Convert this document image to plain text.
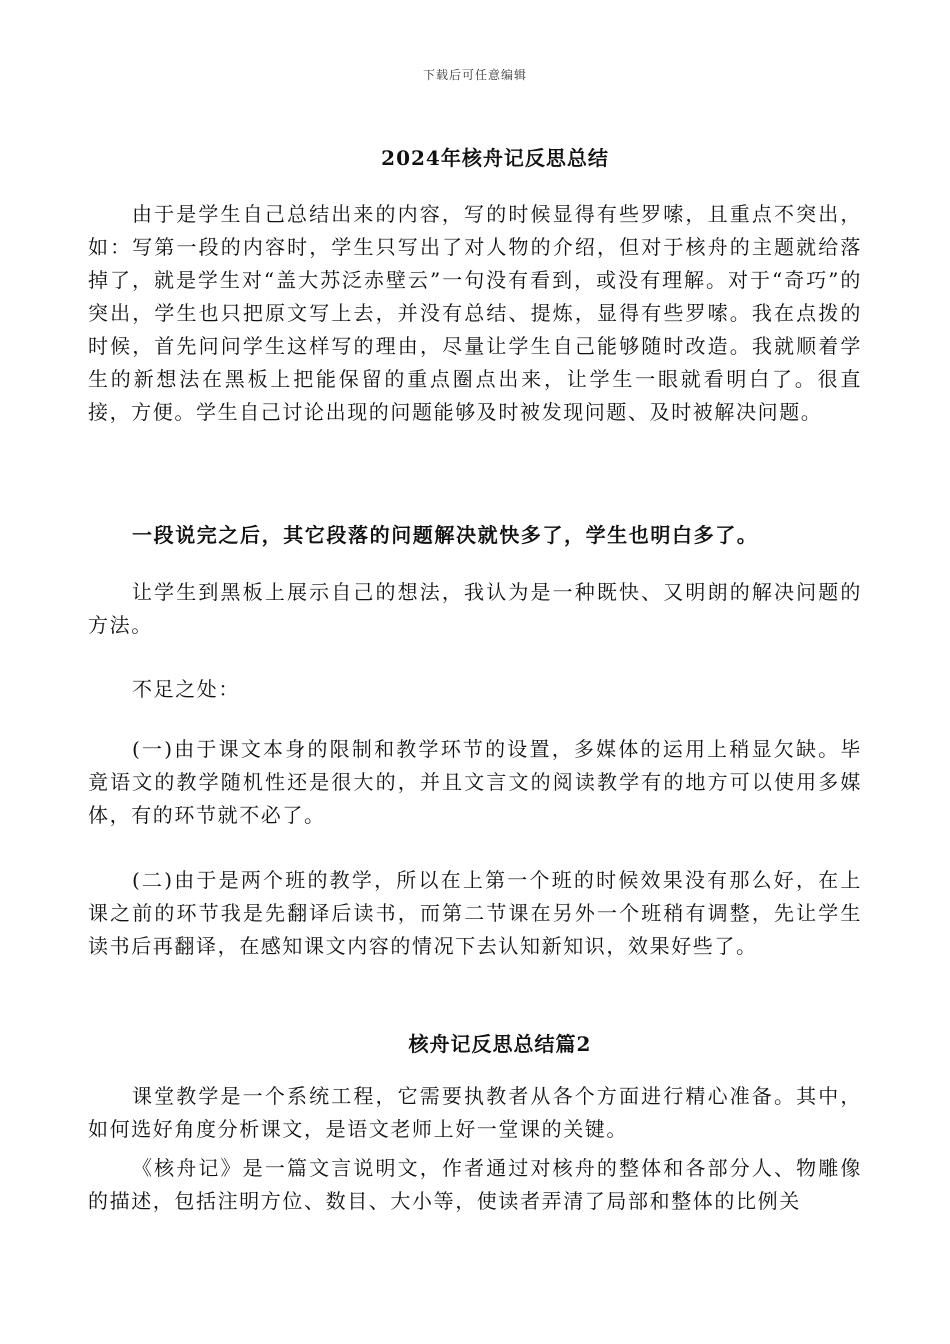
下载后可任意编辑
2024年核舟记反思总结
由于是学生自己总结出来的内容，写的时候显得有些罗嗦，且重点不突出，如：写第一段的内容时，学生只写出了对人物的介绍，但对于核舟的主题就给落掉了，就是学生对“盖大苏泛赤壁云”一句没有看到，或没有理解。对于“奇巧”的突出，学生也只把原文写上去，并没有总结、提炼，显得有些罗嗦。我在点拨的时候，首先问问学生这样写的理由，尽量让学生自己能够随时改造。我就顺着学生的新想法在黑板上把能保留的重点圈点出来，让学生一眼就看明白了。很直接，方便。学生自己讨论出现的问题能够及时被发现问题、及时被解决问题。
一段说完之后，其它段落的问题解决就快多了，学生也明白多了。
让学生到黑板上展示自己的想法，我认为是一种既快、又明朗的解决问题的方法。
不足之处：
(一)由于课文本身的限制和教学环节的设置，多媒体的运用上稍显欠缺。毕竟语文的教学随机性还是很大的，并且文言文的阅读教学有的地方可以使用多媒体，有的环节就不必了。
(二)由于是两个班的教学，所以在上第一个班的时候效果没有那么好，在上课之前的环节我是先翻译后读书，而第二节课在另外一个班稍有调整，先让学生读书后再翻译，在感知课文内容的情况下去认知新知识，效果好些了。
核舟记反思总结篇2
课堂教学是一个系统工程，它需要执教者从各个方面进行精心准备。其中，如何选好角度分析课文，是语文老师上好一堂课的关键。
《核舟记》是一篇文言说明文，作者通过对核舟的整体和各部分人、物雕像的描述，包括注明方位、数目、大小等，使读者弄清了局部和整体的比例关
